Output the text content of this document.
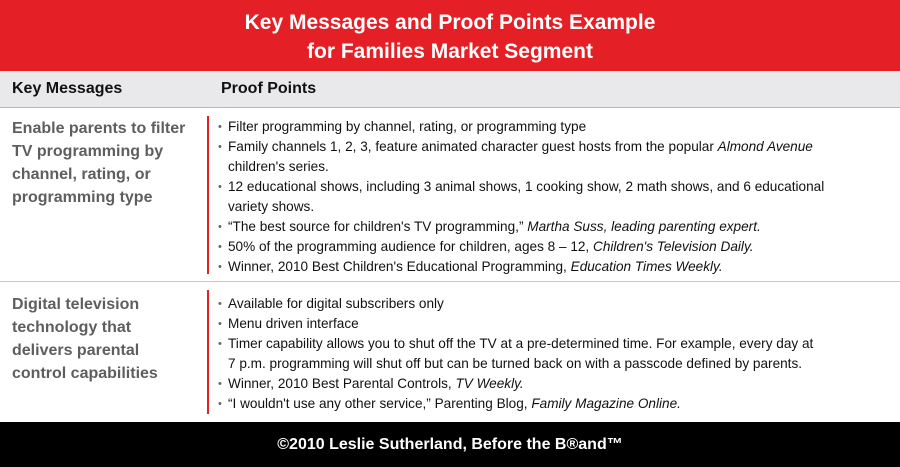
Key Messages and Proof Points Example
for Families Market Segment
Key Messages	Proof Points
Enable parents to filter
TV programming by
channel, rating, or
programming type
• Filter programming by channel, rating, or programming type
• Family channels 1, 2, 3, feature animated character guest hosts from the popular Almond Avenue
children's series.
• 12 educational shows, including 3 animal shows, 1 cooking show, 2 math shows, and 6 educational
variety shows.
• “The best source for children's TV programming,” Martha Suss, leading parenting expert.
• 50% of the programming audience for children, ages 8 – 12, Children's Television Daily.
• Winner, 2010 Best Children's Educational Programming, Education Times Weekly.
Digital television
technology that
delivers parental
control capabilities
• Available for digital subscribers only
• Menu driven interface
• Timer capability allows you to shut off the TV at a pre-determined time. For example, every day at
7 p.m. programming will shut off but can be turned back on with a passcode defined by parents.
• Winner, 2010 Best Parental Controls, TV Weekly.
• “I wouldn't use any other service,” Parenting Blog, Family Magazine Online.
©2010 Leslie Sutherland, Before the B®and™
